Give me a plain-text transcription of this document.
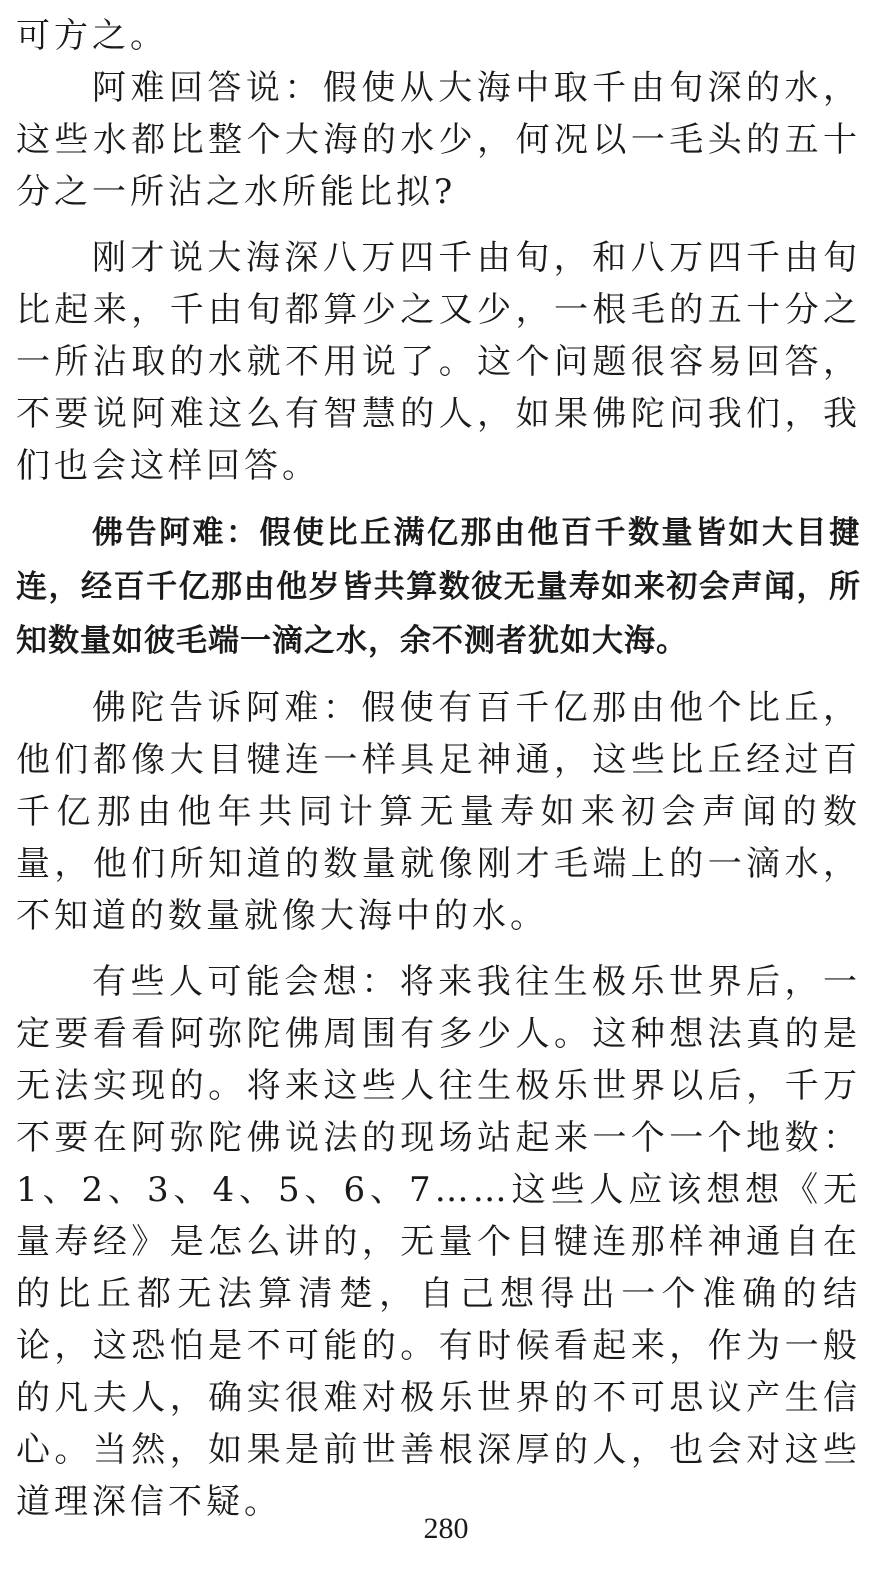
可方之。

阿难回答说：假使从大海中取千由旬深的水，这些水都比整个大海的水少，何况以一毛头的五十分之一所沾之水所能比拟?

刚才说大海深八万四千由旬，和八万四千由旬比起来，千由旬都算少之又少，一根毛的五十分之一所沾取的水就不用说了。这个问题很容易回答，不要说阿难这么有智慧的人，如果佛陀问我们，我们也会这样回答。

佛告阿难：假使比丘满亿那由他百千数量皆如大目揵连，经百千亿那由他岁皆共算数彼无量寿如来初会声闻，所知数量如彼毛端一滴之水，余不测者犹如大海。

佛陀告诉阿难：假使有百千亿那由他个比丘，他们都像大目犍连一样具足神通，这些比丘经过百千亿那由他年共同计算无量寿如来初会声闻的数量，他们所知道的数量就像刚才毛端上的一滴水，不知道的数量就像大海中的水。

有些人可能会想：将来我往生极乐世界后，一定要看看阿弥陀佛周围有多少人。这种想法真的是无法实现的。将来这些人往生极乐世界以后，千万不要在阿弥陀佛说法的现场站起来一个一个地数：1、2、3、4、5、6、7……这些人应该想想《无量寿经》是怎么讲的，无量个目犍连那样神通自在的比丘都无法算清楚，自己想得出一个准确的结论，这恐怕是不可能的。有时候看起来，作为一般的凡夫人，确实很难对极乐世界的不可思议产生信心。当然，如果是前世善根深厚的人，也会对这些道理深信不疑。

280
